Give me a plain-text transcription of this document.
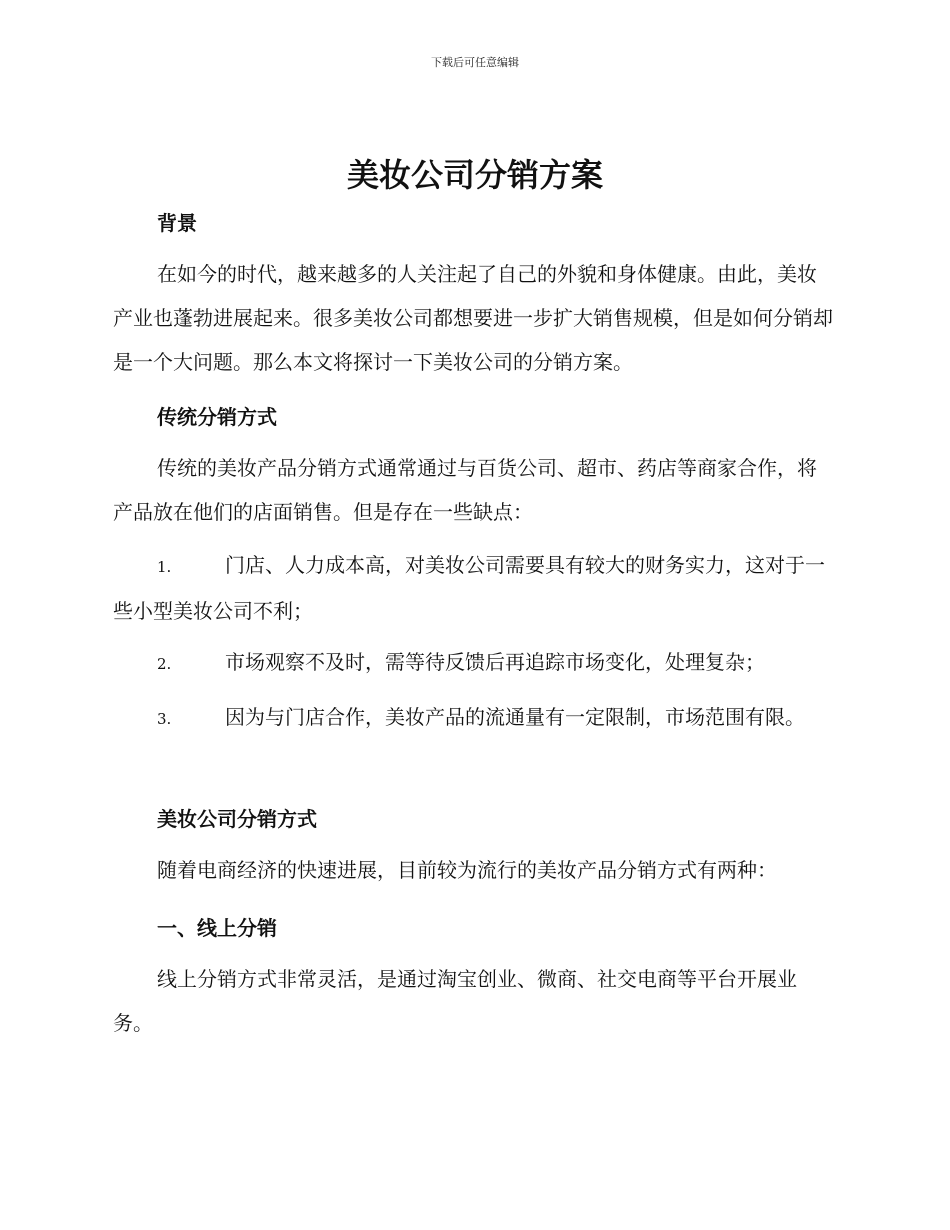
下载后可任意编辑
美妆公司分销方案
背景

在如今的时代，越来越多的人关注起了自己的外貌和身体健康。由此，美妆产业也蓬勃进展起来。很多美妆公司都想要进一步扩大销售规模，但是如何分销却是一个大问题。那么本文将探讨一下美妆公司的分销方案。

传统分销方式

传统的美妆产品分销方式通常通过与百货公司、超市、药店等商家合作，将产品放在他们的店面销售。但是存在一些缺点：

1.	门店、人力成本高，对美妆公司需要具有较大的财务实力，这对于一些小型美妆公司不利；

2.	市场观察不及时，需等待反馈后再追踪市场变化，处理复杂；

3.	因为与门店合作，美妆产品的流通量有一定限制，市场范围有限。

美妆公司分销方式

随着电商经济的快速进展，目前较为流行的美妆产品分销方式有两种：

一、线上分销

线上分销方式非常灵活，是通过淘宝创业、微商、社交电商等平台开展业务。
